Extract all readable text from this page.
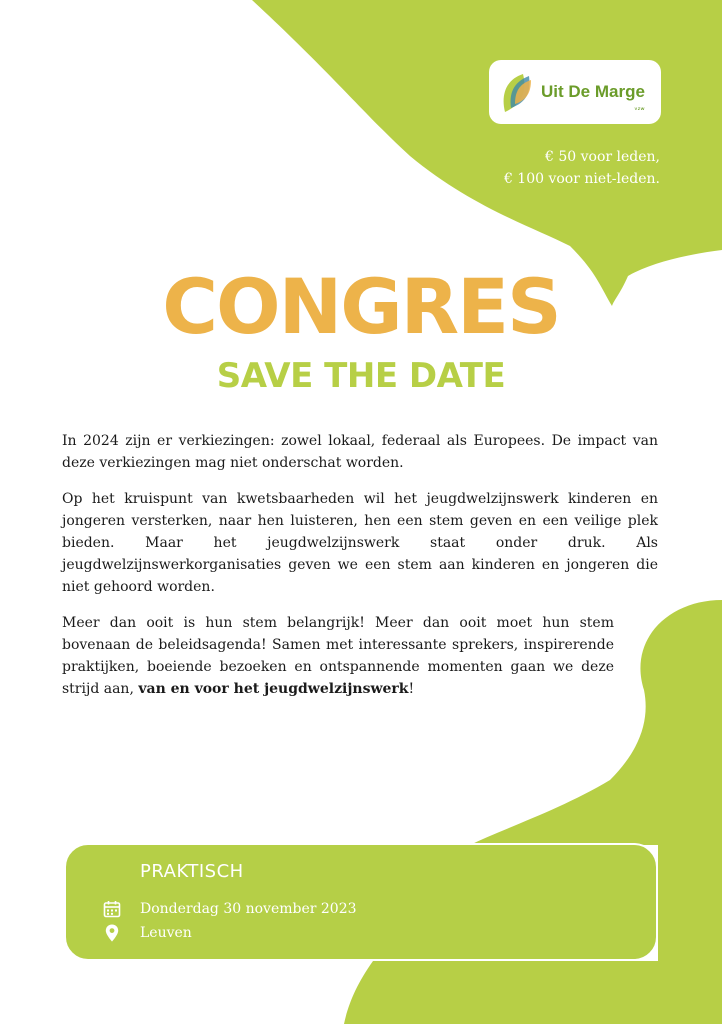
Uit De Marge
VZW
€ 50 voor leden,
€ 100 voor niet-leden.
CONGRES
SAVE THE DATE

In 2024 zijn er verkiezingen: zowel lokaal, federaal als Europees. De impact van deze verkiezingen mag niet onderschat worden.

Op het kruispunt van kwetsbaarheden wil het jeugdwelzijnswerk kinderen en jongeren versterken, naar hen luisteren, hen een stem geven en een veilige plek bieden. Maar het jeugdwelzijnswerk staat onder druk. Als jeugdwelzijnswerkorganisaties geven we een stem aan kinderen en jongeren die niet gehoord worden.

Meer dan ooit is hun stem belangrijk! Meer dan ooit moet hun stem bovenaan de beleidsagenda! Samen met interessante sprekers, inspirerende praktijken, boeiende bezoeken en ontspannende momenten gaan we deze strijd aan, van en voor het jeugdwelzijnswerk!

PRAKTISCH
Donderdag 30 november 2023
Leuven
